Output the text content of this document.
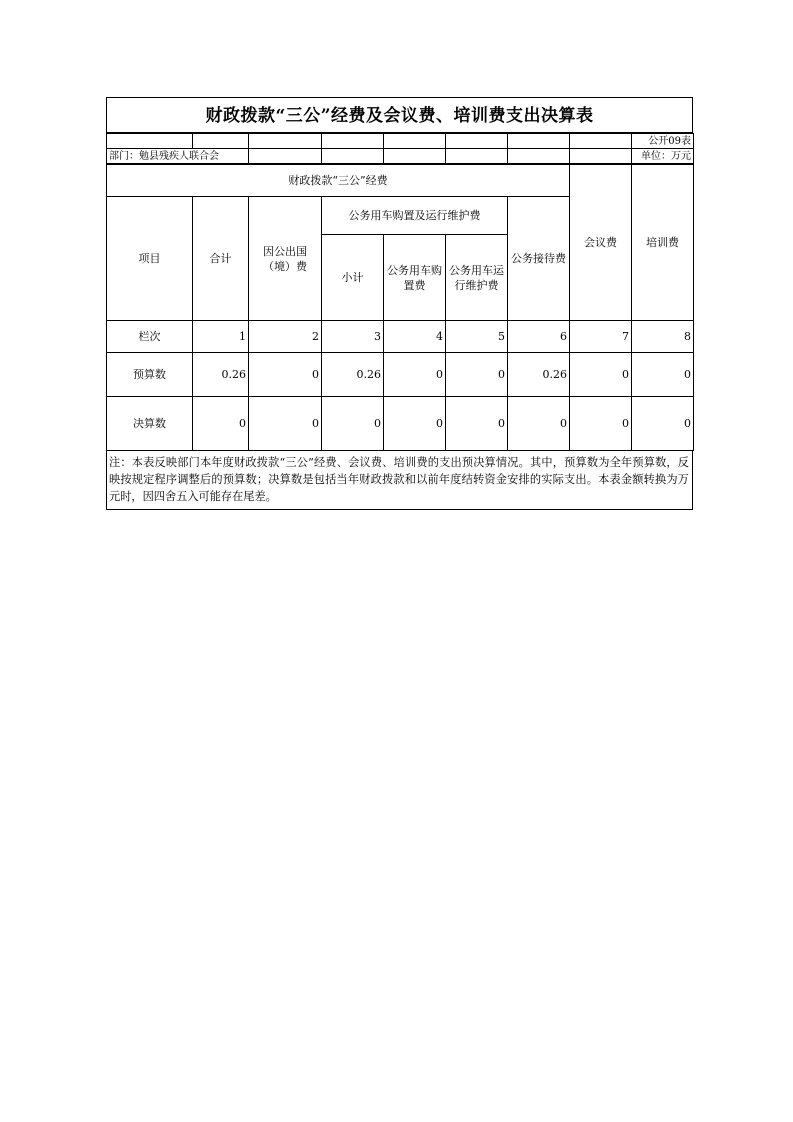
财政拨款“三公”经费及会议费、培训费支出决算表
								公开09表
部门：勉县残疾人联合会								单位：万元
财政拨款“三公”经费							会议费	培训费
项目	合计	因公出国（境）费	公务用车购置及运行维护费			公务接待费		
			小计	公务用车购置费	公务用车运行维护费			
栏次	1	2	3	4	5	6	7	8
预算数	0.26	0	0.26	0	0	0.26	0	0
决算数	0	0	0	0	0	0	0	0
注：本表反映部门本年度财政拨款“三公”经费、会议费、培训费的支出预决算情况。其中，预算数为全年预算数，反映按规定程序调整后的预算数；决算数是包括当年财政拨款和以前年度结转资金安排的实际支出。本表金额转换为万元时，因四舍五入可能存在尾差。
